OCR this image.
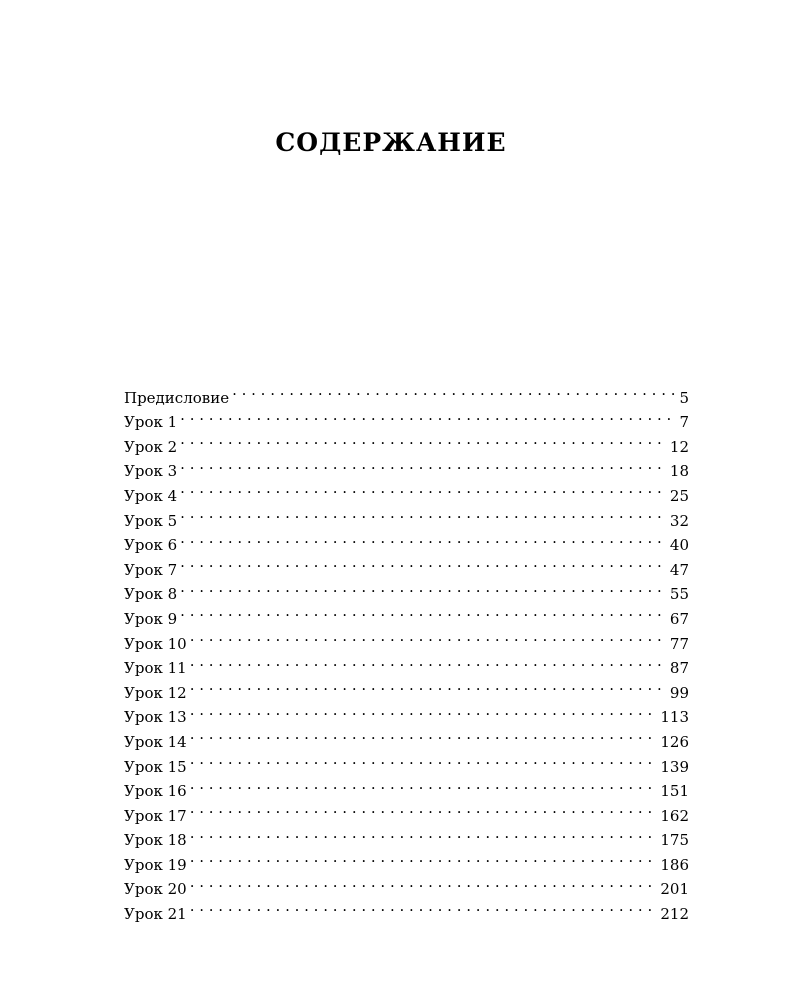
СОДЕРЖАНИЕ
Предисловие . . .	5
Урок 1 . . .	7
Урок 2 . . .	12
Урок 3 . . .	18
Урок 4 . . .	25
Урок 5 . . .	32
Урок 6 . . .	40
Урок 7 . . .	47
Урок 8 . . .	55
Урок 9 . . .	67
Урок 10 . . .	77
Урок 11 . . .	87
Урок 12 . . .	99
Урок 13 . . .	113
Урок 14 . . .	126
Урок 15 . . .	139
Урок 16 . . .	151
Урок 17 . . .	162
Урок 18 . . .	175
Урок 19 . . .	186
Урок 20 . . .	201
Урок 21 . . .	212
